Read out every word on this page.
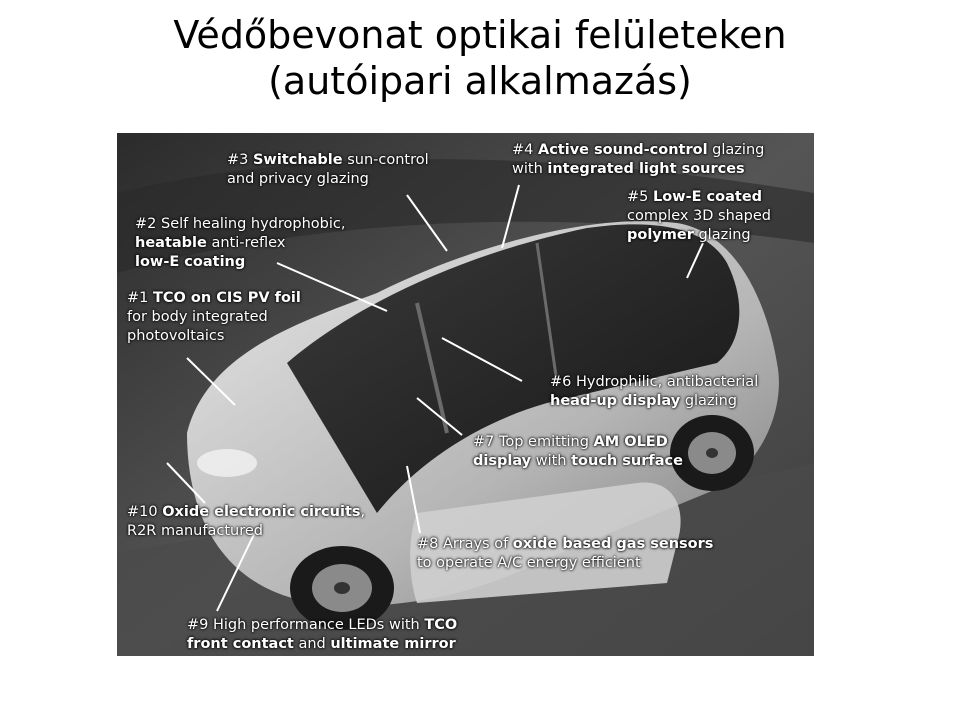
Védőbevonat optikai felületeken
(autóipari alkalmazás)
#3 Switchable sun-control
and privacy glazing
#4 Active sound-control glazing
with integrated light sources
#5 Low-E coated
complex 3D shaped
polymer glazing
#2 Self healing hydrophobic,
heatable anti-reflex
low-E coating
#1 TCO on CIS PV foil
for body integrated
photovoltaics
#6 Hydrophilic, antibacterial
head-up display glazing
#7 Top emitting AM OLED
display with touch surface
#10 Oxide electronic circuits,
R2R manufactured
#8 Arrays of oxide based gas sensors
to operate A/C energy efficient
#9 High performance LEDs with TCO
front contact and ultimate mirror
